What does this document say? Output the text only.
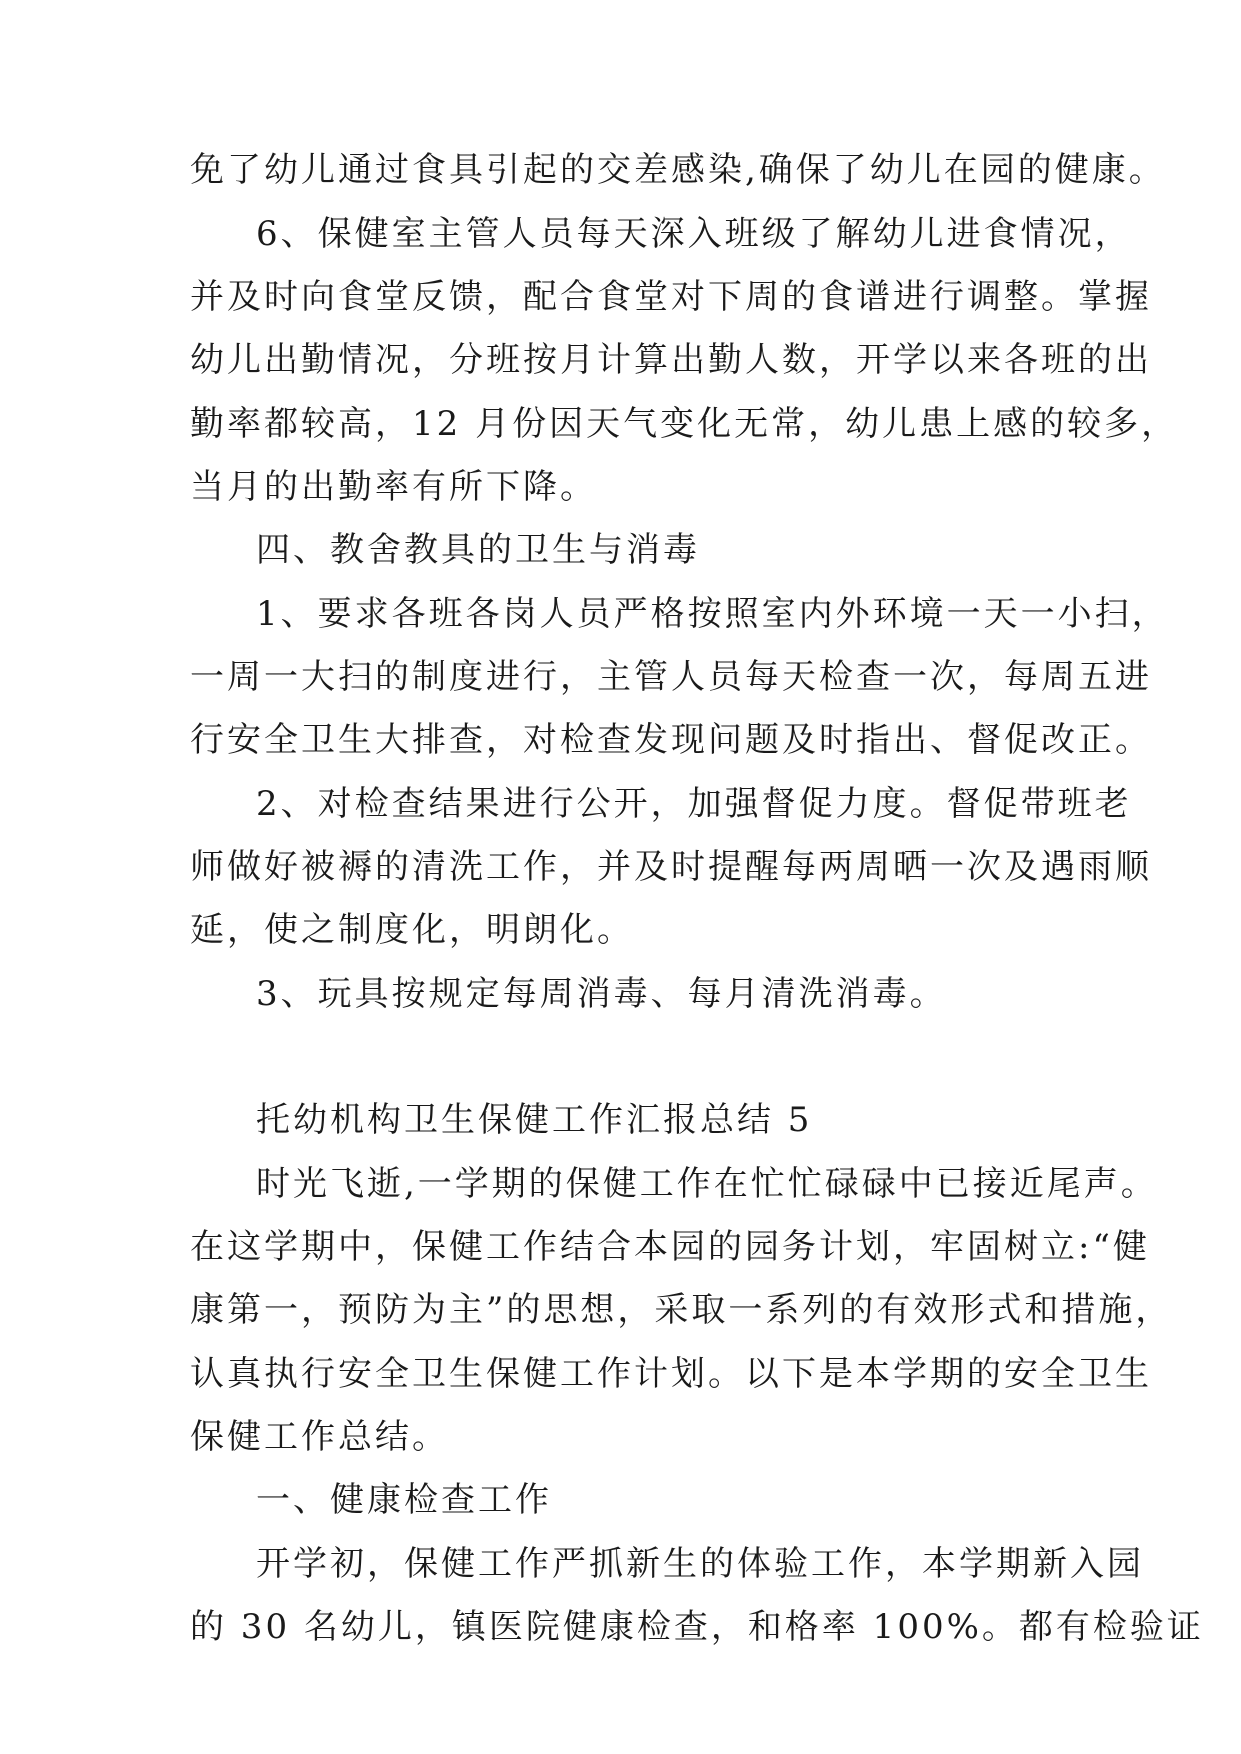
免了幼儿通过食具引起的交差感染,确保了幼儿在园的健康。
6、保健室主管人员每天深入班级了解幼儿进食情况，
并及时向食堂反馈，配合食堂对下周的食谱进行调整。掌握
幼儿出勤情况，分班按月计算出勤人数，开学以来各班的出
勤率都较高，12 月份因天气变化无常，幼儿患上感的较多，
当月的出勤率有所下降。
四、教舍教具的卫生与消毒
1、要求各班各岗人员严格按照室内外环境一天一小扫，
一周一大扫的制度进行，主管人员每天检查一次，每周五进
行安全卫生大排查，对检查发现问题及时指出、督促改正。
2、对检查结果进行公开，加强督促力度。督促带班老
师做好被褥的清洗工作，并及时提醒每两周晒一次及遇雨顺
延，使之制度化，明朗化。
3、玩具按规定每周消毒、每月清洗消毒。
托幼机构卫生保健工作汇报总结 5
时光飞逝,一学期的保健工作在忙忙碌碌中已接近尾声。
在这学期中，保健工作结合本园的园务计划，牢固树立:“健
康第一，预防为主”的思想，采取一系列的有效形式和措施，
认真执行安全卫生保健工作计划。以下是本学期的安全卫生
保健工作总结。
一、健康检查工作
开学初，保健工作严抓新生的体验工作，本学期新入园
的 30 名幼儿，镇医院健康检查，和格率 100%。都有检验证
